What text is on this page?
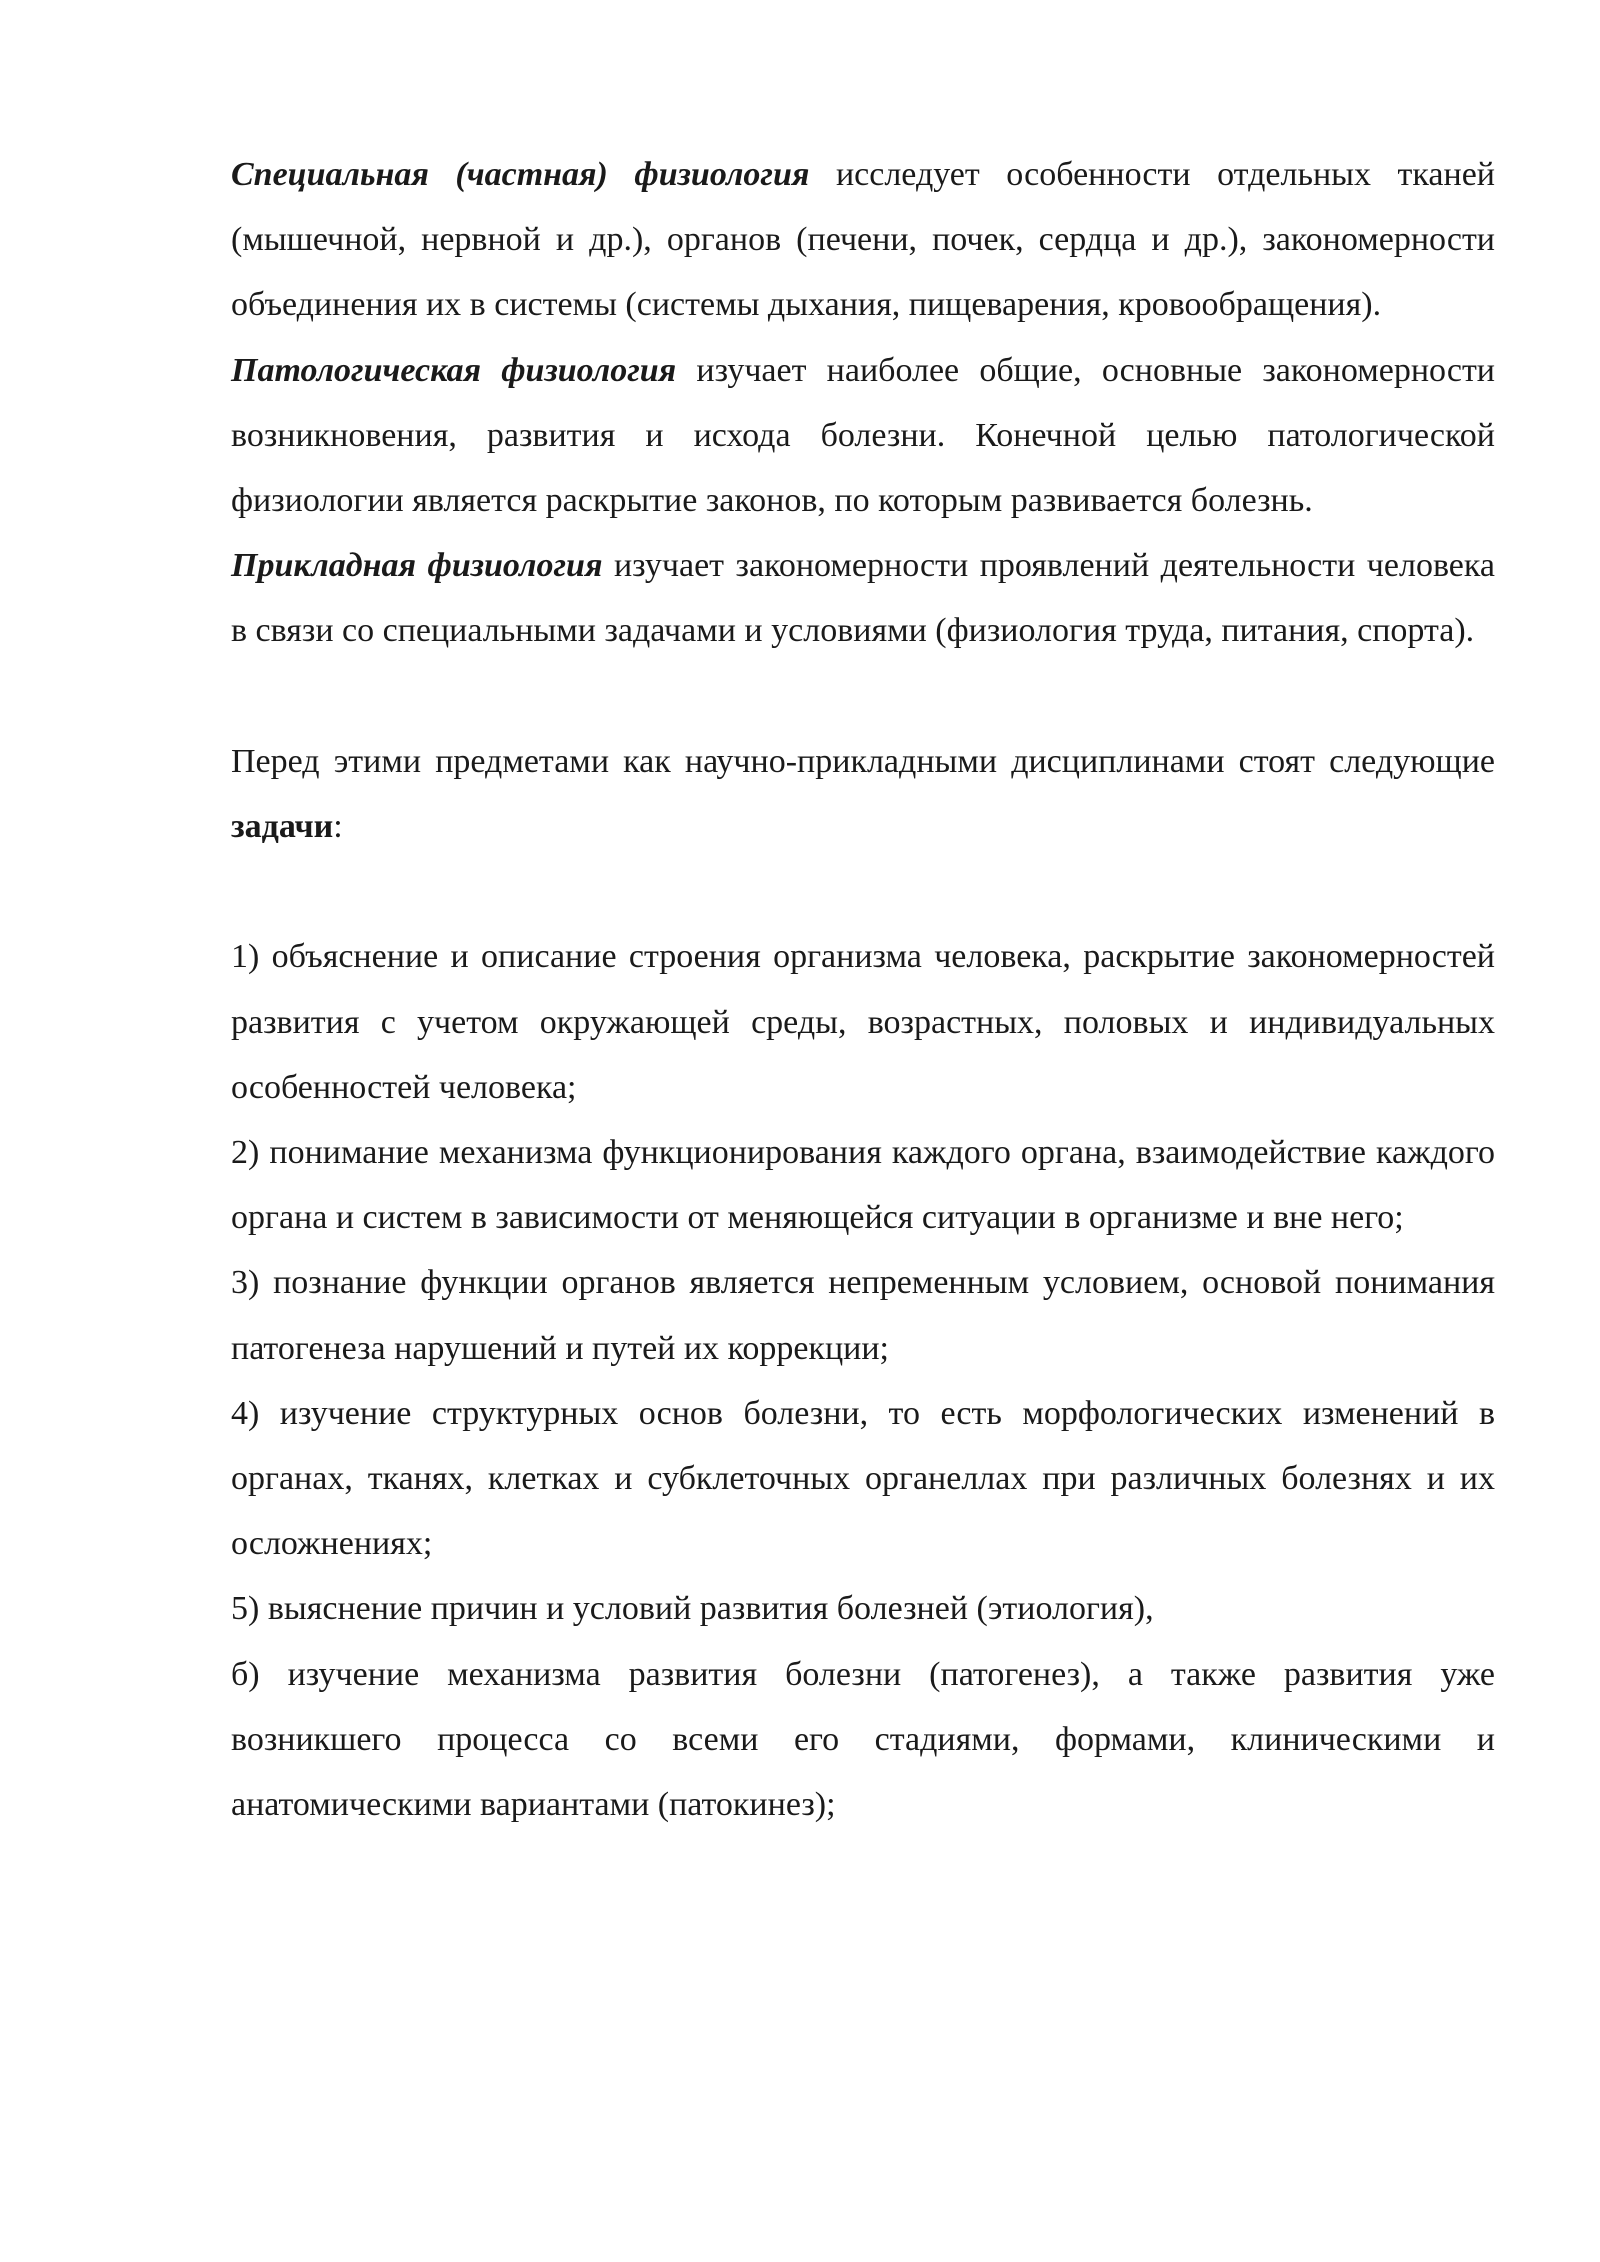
Специальная (частная) физиология исследует особенности отдельных тканей (мышечной, нервной и др.), органов (печени, почек, сердца и др.), закономерности объединения их в системы (системы дыхания, пищеварения, кровообращения).

Патологическая физиология изучает наиболее общие, основные закономерности возникновения, развития и исхода болезни. Конечной целью патологической физиологии является раскрытие законов, по которым развивается болезнь.

Прикладная физиология изучает закономерности проявлений деятельности человека в связи со специальными задачами и условиями (физиология труда, питания, спорта).

Перед этими предметами как научно-прикладными дисциплинами стоят следующие задачи:

1) объяснение и описание строения организма человека, раскрытие закономерностей развития с учетом окружающей среды, возрастных, половых и индивидуальных особенностей человека;

2) понимание механизма функционирования каждого органа, взаимодействие каждого органа и систем в зависимости от меняющейся ситуации в организме и вне него;

3) познание функции органов является непременным условием, основой понимания патогенеза нарушений и путей их коррекции;

4) изучение структурных основ болезни, то есть морфологических изменений в органах, тканях, клетках и субклеточных органеллах при различных болезнях и их осложнениях;

5) выяснение причин и условий развития болезней (этиология),

б) изучение механизма развития болезни (патогенез), а также развития уже возникшего процесса со всеми его стадиями, формами, клиническими и анатомическими вариантами (патокинез);
